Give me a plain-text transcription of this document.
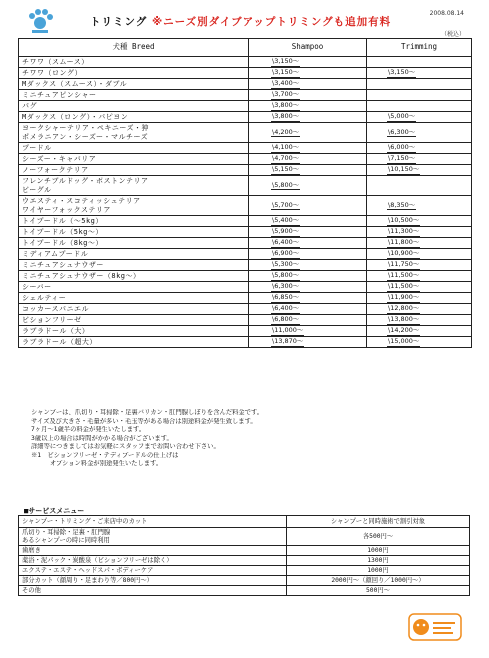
トリミング ※ニーズ別ダイブアップトリミングも追加有料
2008.08.14
（税込）
犬種 Breed	Shampoo	Trimming

チワワ（スムース）	\3,150〜	

チワワ（ロング）	\3,150〜	\3,150〜

Mダックス（スムース）・ダブル	\3,400〜	

ミニチュアピンシャー	\3,700〜	

パグ	\3,800〜	

Mダックス（ロング）・パピヨン	\3,800〜	\5,000〜

ヨークシャーテリア・ペキニーズ・狆
ポメラニアン・シーズー・マルチーズ	\4,200〜	\6,300〜

プードル	\4,100〜	\6,000〜

シーズー・キャバリア	\4,700〜	\7,150〜

ノーフォークテリア	\5,150〜	\10,150〜

フレンチブルドッグ・ボストンテリア
ビーグル	\5,800〜	

ウエスティ・スコティッシュテリア
ワイヤーフォックステリア	\5,700〜	\8,350〜

トイプードル（～5kg）	\5,400〜	\10,500〜

トイプードル（5kg～）	\5,900〜	\11,300〜

トイプードル（8kg～）	\6,400〜	\11,800〜

ミディアムプードル	\6,900〜	\10,900〜

ミニチュアシュナウザー	\5,300〜	\11,750〜

ミニチュアシュナウザー（8kg～）	\5,800〜	\11,500〜

シーバー	\6,300〜	\11,500〜

シェルティー	\6,850〜	\11,900〜

コッカースパニエル	\6,400〜	\12,800〜

ビションフリーゼ	\6,800〜	\13,800〜

ラブラドール（大）	\11,000〜	\14,200〜

ラブラドール（超大）	\13,870〜	\15,000〜
シャンプーは、爪切り・耳掃除・足裏バリカン・肛門腺しぼりを含んだ料金です。
サイズ及び大きさ・毛量が多い・毛玉等がある場合は別途料金が発生致します。
7ヶ月～1歳半の料金が発生いたします。
3歳以上の場合は時間がかかる場合がございます。
詳細等につきましてはお気軽にスタッフまでお問い合わせ下さい。
※1　ビションフリーゼ・テディプードルの仕上げは
　　　オプション料金が別途発生いたします。
■サービスメニュー
シャンプー・トリミング・ご来店中のカット	シャンプーと同時施術で割引対象

爪切り・耳掃除・足裏・肛門腺
あるシャンプーの時に同時利用	各500円〜

歯磨き	1000円

薬浴・泥パック・炭酸泉（ビションフリーゼは除く）	1300円

エクステ・エステ・ヘッドスパ・ボディーケア	1000円

部分カット（顔周り・足まわり等／800円〜）	2000円〜（顔回り／1000円〜）

その他	500円〜
